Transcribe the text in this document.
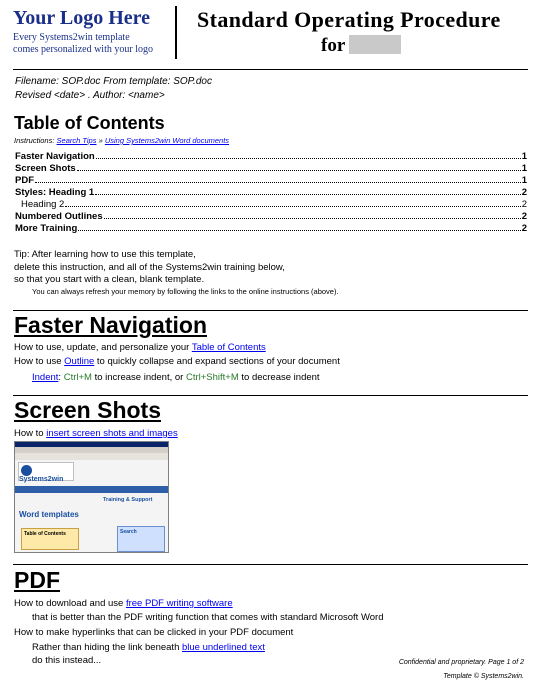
Your Logo Here
Every Systems2win template
comes personalized with your logo
Standard Operating Procedure
for
Filename: SOP.doc From template: SOP.doc
Revised <date> . Author: <name>
Table of Contents
Instructions: Search Tips » Using Systems2win Word documents
Faster Navigation	1
Screen Shots	1
PDF	1
Styles: Heading 1	2
Heading 2	2
Numbered Outlines	2
More Training	2
Tip: After learning how to use this template,
delete this instruction, and all of the Systems2win training below,
so that you start with a clean, blank template.
You can always refresh your memory by following the links to the online instructions (above).
Faster Navigation
How to use, update, and personalize your Table of Contents
How to use Outline to quickly collapse and expand sections of your document
Indent: Ctrl+M to increase indent, or Ctrl+Shift+M to decrease indent
Screen Shots
How to insert screen shots and images
Systems2win
Training & Support
Word templates
Table of Contents	Search
PDF
How to download and use free PDF writing software
that is better than the PDF writing function that comes with standard Microsoft Word
How to make hyperlinks that can be clicked in your PDF document
Rather than hiding the link beneath blue underlined text
do this instead...	Confidential and proprietary. Page 1 of 2
Template © Systems2win.
